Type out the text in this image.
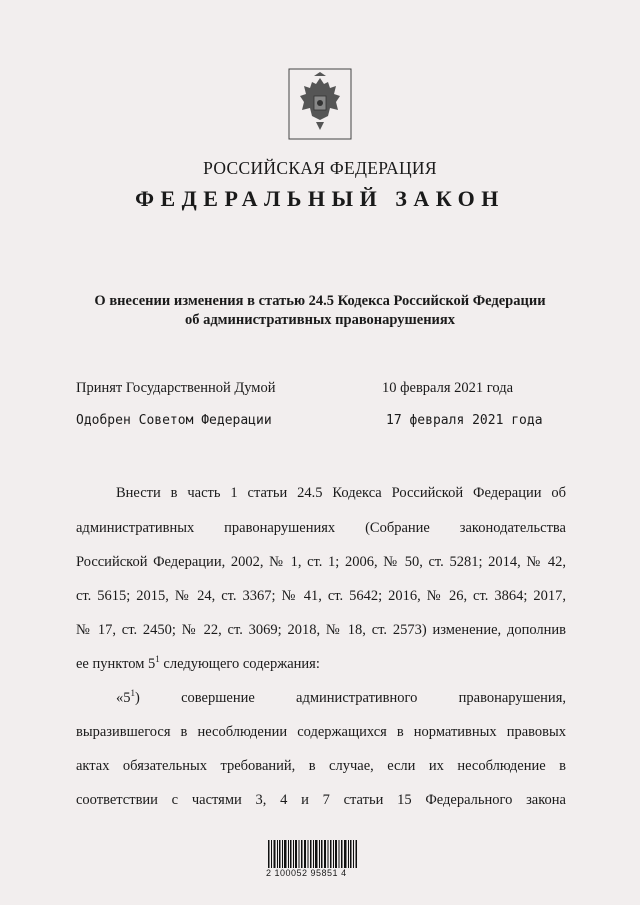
РОССИЙСКАЯ ФЕДЕРАЦИЯ
ФЕДЕРАЛЬНЫЙ ЗАКОН
О внесении изменения в статью 24.5 Кодекса Российской Федерации
об административных правонарушениях
Принят Государственной Думой	10 февраля 2021 года
Одобрен Советом Федерации	17 февраля 2021 года
Внести в часть 1 статьи 24.5 Кодекса Российской Федерации об
административных правонарушениях (Собрание законодательства
Российской Федерации, 2002, № 1, ст. 1; 2006, № 50, ст. 5281; 2014, № 42,
ст. 5615; 2015, № 24, ст. 3367; № 41, ст. 5642; 2016, № 26, ст. 3864; 2017,
№ 17, ст. 2450; № 22, ст. 3069; 2018, № 18, ст. 2573) изменение, дополнив
ее пунктом $5^1$ следующего содержания:
«$5^1$)	совершение	административного	правонарушения,
выразившегося в несоблюдении содержащихся в нормативных правовых
актах обязательных требований, в случае, если их несоблюдение в
соответствии с частями 3, 4 и 7 статьи 15 Федерального закона
2 100052 95851 4
